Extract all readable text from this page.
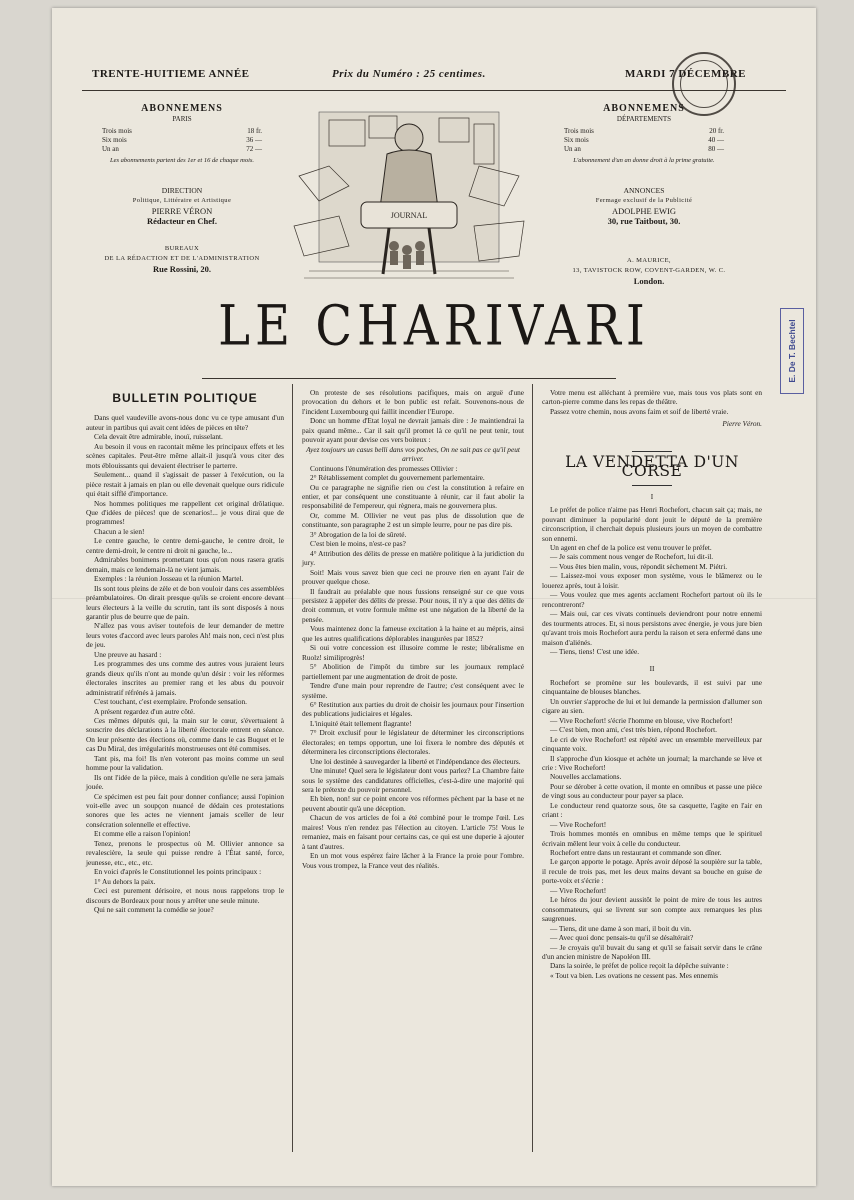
TRENTE-HUITIEME ANNÉE	Prix du Numéro : 25 centimes.	MARDI 7 DÉCEMBRE
ABONNEMENS
PARIS
Trois mois	18 fr.
Six mois	36 —
Un an	72 —
Les abonnements partent des 1er et 16 de chaque mois.
ABONNEMENS
DÉPARTEMENTS
Trois mois	20 fr.
Six mois	40 —
Un an	80 —
L'abonnement d'un an donne droit à la prime gratuite.
DIRECTION
Politique, Littéraire et Artistique
PIERRE VÉRON
Rédacteur en Chef.
BUREAUX
DE LA RÉDACTION ET DE L'ADMINISTRATION
Rue Rossini, 20.
ANNONCES
Fermage exclusif de la Publicité
ADOLPHE EWIG
30, rue Taitbout, 30.
A. MAURICE,
13, TAVISTOCK ROW, COVENT-GARDEN, W. C.
London.
JOURNAL
LE CHARIVARI	E. De T. Bechtel
BULLETIN POLITIQUE

Dans quel vaudeville avons-nous donc vu ce type amusant d'un auteur in partibus qui avait cent idées de pièces en tête?

Cela devait être admirable, inouï, ruisselant.

Au besoin il vous en racontait même les principaux effets et les scènes capitales. Peut-être même allait-il jusqu'à vous citer des mots éblouissants qui devaient électriser le parterre.

Seulement... quand il s'agissait de passer à l'exécution, ou la pièce restait à jamais en plan ou elle devenait quelque ours ridicule qui était sifflé d'importance.

Nos hommes politiques me rappellent cet original drôlatique. Que d'idées de pièces! que de scenarios!... je vous dirai que de programmes!

Chacun a le sien!

Le centre gauche, le centre demi-gauche, le centre droit, le centre demi-droit, le centre ni droit ni gauche, le...

Admirables bonimens promettant tous qu'on nous rasera gratis demain, mais ce lendemain-là ne vient jamais.

Exemples : la réunion Josseau et la réunion Martel.

Ils sont tous pleins de zèle et de bon vouloir dans ces assemblées préambulatoires. On dirait presque qu'ils se croient encore devant leurs électeurs à la veille du scrutin, tant ils sont disposés à nous garantir plus de beurre que de pain.

N'allez pas vous aviser toutefois de leur demander de mettre leurs votes d'accord avec leurs paroles Ah! mais non, ceci n'est plus de jeu.

Une preuve au hasard :

Les programmes des uns comme des autres vous juraient leurs grands dieux qu'ils n'ont au monde qu'un désir : voir les réformes électorales inscrites au premier rang et les abus du pouvoir administratif réfrénés à jamais.

C'est touchant, c'est exemplaire. Profonde sensation.

A présent regardez d'un autre côté.

Ces mêmes députés qui, la main sur le cœur, s'évertuaient à souscrire des déclarations à la liberté électorale entrent en séance. On leur présente des élections où, comme dans le cas Buquet et le cas Du Miral, des irrégularités monstrueuses ont été commises.

Tant pis, ma foi! Ils n'en voteront pas moins comme un seul homme pour la validation.

Ils ont l'idée de la pièce, mais à condition qu'elle ne sera jamais jouée.

Ce spécimen est peu fait pour donner confiance; aussi l'opinion voit-elle avec un soupçon nuancé de dédain ces protestations sonores que les actes ne viennent jamais sceller de leur consécration solennelle et effective.

Et comme elle a raison l'opinion!

Tenez, prenons le prospectus où M. Ollivier annonce sa revalescière, la seule qui puisse rendre à l'État santé, force, jeunesse, etc., etc., etc.

En voici d'après le Constitutionnel les points principaux :

1° Au dehors la paix.

Ceci est purement dérisoire, et nous nous rappelons trop le discours de Bordeaux pour nous y arrêter une seule minute.

Qui ne sait comment la comédie se joue?

On proteste de ses résolutions pacifiques, mais on arguë d'une provocation du dehors et le bon public est refait. Souvenons-nous de l'incident Luxembourg qui faillit incendier l'Europe.

Donc un homme d'Etat loyal ne devrait jamais dire : Je maintiendrai la paix quand même... Car il sait qu'il promet là ce qu'il ne peut tenir, tout pouvoir ayant pour devise ces vers boiteux :

Ayez toujours un casus belli dans vos poches, On ne sait pas ce qu'il peut arriver.

Continuons l'énumération des promesses Ollivier :

2° Rétablissement complet du gouvernement parlementaire.

Ou ce paragraphe ne signifie rien ou c'est la constitution à refaire en entier, et par conséquent une constituante à réunir, car il faut abolir la responsabilité de l'empereur, qui règnera, mais ne gouvernera plus.

Or, comme M. Ollivier ne veut pas plus de dissolution que de constituante, son paragraphe 2 est un simple leurre, pour ne pas dire pis.

3° Abrogation de la loi de sûreté.

C'est bien le moins, n'est-ce pas?

4° Attribution des délits de presse en matière politique à la juridiction du jury.

Soit! Mais vous savez bien que ceci ne prouve rien en ayant l'air de prouver quelque chose.

Il faudrait au préalable que nous fussions renseigné sur ce que vous persistez à appeler des délits de presse. Pour nous, il n'y a que des délits de droit commun, et votre formule même est une négation de la liberté de la pensée.

Vous maintenez donc la fameuse excitation à la haine et au mépris, ainsi que les autres qualifications déplorables inaugurées par 1852?

Si oui votre concession est illusoire comme le reste; libéralisme en Ruolz! similiprogrès!

5° Abolition de l'impôt du timbre sur les journaux remplacé partiellement par une augmentation de droit de poste.

Tendre d'une main pour reprendre de l'autre; c'est conséquent avec le système.

6° Restitution aux parties du droit de choisir les journaux pour l'insertion des publications judiciaires et légales.

L'iniquité était tellement flagrante!

7° Droit exclusif pour le législateur de déterminer les circonscriptions électorales; en temps opportun, une loi fixera le nombre des députés et déterminera les circonscriptions électorales.

Une loi destinée à sauvegarder la liberté et l'indépendance des électeurs.

Une minute! Quel sera le législateur dont vous parlez? La Chambre faite sous le système des candidatures officielles, c'est-à-dire une majorité qui sera le prétexte du pouvoir personnel.

Eh bien, non! sur ce point encore vos réformes pèchent par la base et ne peuvent aboutir qu'à une déception.

Chacun de vos articles de foi a été combiné pour le trompe l'œil. Les maires! Vous n'en rendez pas l'élection au citoyen. L'article 75! Vous le remaniez, mais en faisant pour certains cas, ce qui est une duperie à ajouter à tant d'autres.

En un mot vous espérez faire lâcher à la France la proie pour l'ombre. Vous vous trompez, la France veut des réalités.

Votre menu est alléchant à première vue, mais tous vos plats sont en carton-pierre comme dans les repas de théâtre.

Passez votre chemin, nous avons faim et soif de liberté vraie.

Pierre Véron.
LA VENDETTA D'UN CORSE
I

Le préfet de police n'aime pas Henri Rochefort, chacun sait ça; mais, ne pouvant diminuer la popularité dont jouit le député de la première circonscription, il cherchait depuis plusieurs jours un moyen de combattre son ennemi.

Un agent en chef de la police est venu trouver le préfet.

— Je sais comment nous venger de Rochefort, lui dit-il.

— Vous êtes bien malin, vous, répondit sèchement M. Piétri.

— Laissez-moi vous exposer mon système, vous le blâmerez ou le louerez après, tout à loisir.

— Vous voulez que mes agents acclament Rochefort partout où ils le rencontreront?

— Mais oui, car ces vivats continuels deviendront pour notre ennemi des tourments atroces. Et, si nous persistons avec énergie, je vous jure bien qu'avant trois mois Rochefort aura perdu la raison et sera enfermé dans une maison d'aliénés.

— Tiens, tiens! C'est une idée.

II

Rochefort se promène sur les boulevards, il est suivi par une cinquantaine de blouses blanches.

Un ouvrier s'approche de lui et lui demande la permission d'allumer son cigare au sien.

— Vive Rochefort! s'écrie l'homme en blouse, vive Rochefort!

— C'est bien, mon ami, c'est très bien, répond Rochefort.

Le cri de vive Rochefort! est répété avec un ensemble merveilleux par cinquante voix.

Il s'approche d'un kiosque et achète un journal; la marchande se lève et crie : Vive Rochefort!

Nouvelles acclamations.

Pour se dérober à cette ovation, il monte en omnibus et passe une pièce de vingt sous au conducteur pour payer sa place.

Le conducteur rend quatorze sous, ôte sa casquette, l'agite en l'air en criant :

— Vive Rochefort!

Trois hommes montés en omnibus en même temps que le spirituel écrivain mêlent leur voix à celle du conducteur.

Rochefort entre dans un restaurant et commande son dîner.

Le garçon apporte le potage. Après avoir déposé la soupière sur la table, il recule de trois pas, met les deux mains devant sa bouche en guise de porte-voix et s'écrie :

— Vive Rochefort!

Le héros du jour devient aussitôt le point de mire de tous les autres consommateurs, qui se livrent sur son compte aux remarques les plus saugrenues.

— Tiens, dit une dame à son mari, il boit du vin.

— Avec quoi donc pensais-tu qu'il se désaltérait?

— Je croyais qu'il buvait du sang et qu'il se faisait servir dans le crâne d'un ancien ministre de Napoléon III.

Dans la soirée, le préfet de police reçoit la dépêche suivante :

« Tout va bien. Les ovations ne cessent pas. Mes ennemis
